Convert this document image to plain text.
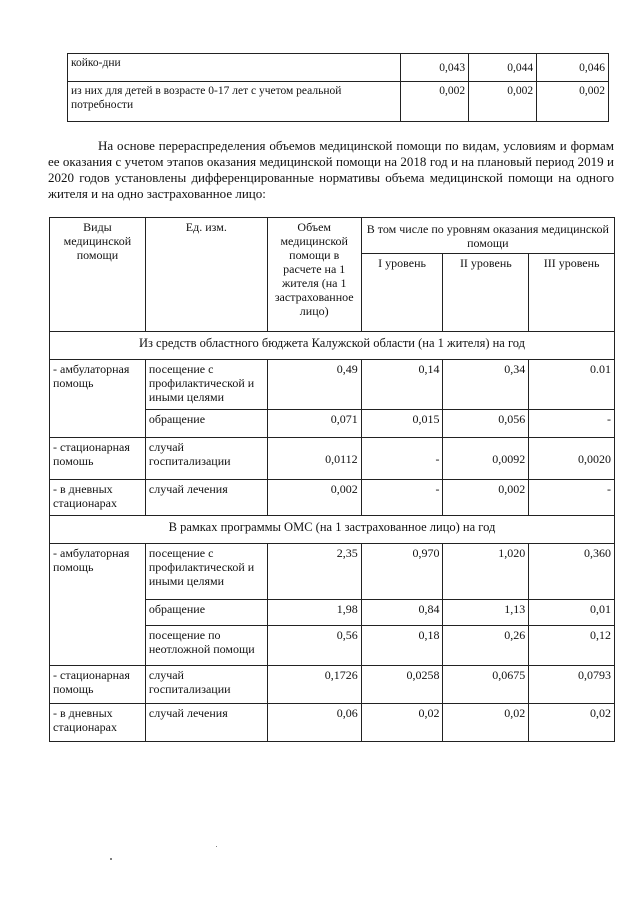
койко-дни	0,043	0,044	0,046
из них для детей в возрасте 0-17 лет с учетом реальной потребности	0,002	0,002	0,002

На основе перераспределения объемов медицинской помощи по видам, условиям и формам ее оказания с учетом этапов оказания медицинской помощи на 2018 год и на плановый период 2019 и 2020 годов установлены дифференцированные нормативы объема медицинской помощи на одного жителя и на одно застрахованное лицо:

Виды медицинской помощи	Ед. изм.	Объем медицинской помощи в расчете на 1 жителя (на 1 застрахованное лицо)	В том числе по уровням оказания медицинской помощи		
			I уровень	II уровень	III уровень
Из средств областного бюджета Калужской области (на 1 жителя) на год					
- амбулаторная помощь	посещение с профилактической и иными целями	0,49	0,14	0,34	0.01
	обращение	0,071	0,015	0,056	-
- стационарная помошь	случай госпитализации	0,0112	-	0,0092	0,0020
- в дневных стационарах	случай лечения	0,002	-	0,002	-
В рамках программы ОМС (на 1 застрахованное лицо) на год					
- амбулаторная помощь	посещение с профилактической и иными целями	2,35	0,970	1,020	0,360
	обращение	1,98	0,84	1,13	0,01
	посещение по неотложной помощи	0,56	0,18	0,26	0,12
- стационарная помощь	случай госпитализации	0,1726	0,0258	0,0675	0,0793
- в дневных стационарах	случай лечения	0,06	0,02	0,02	0,02
